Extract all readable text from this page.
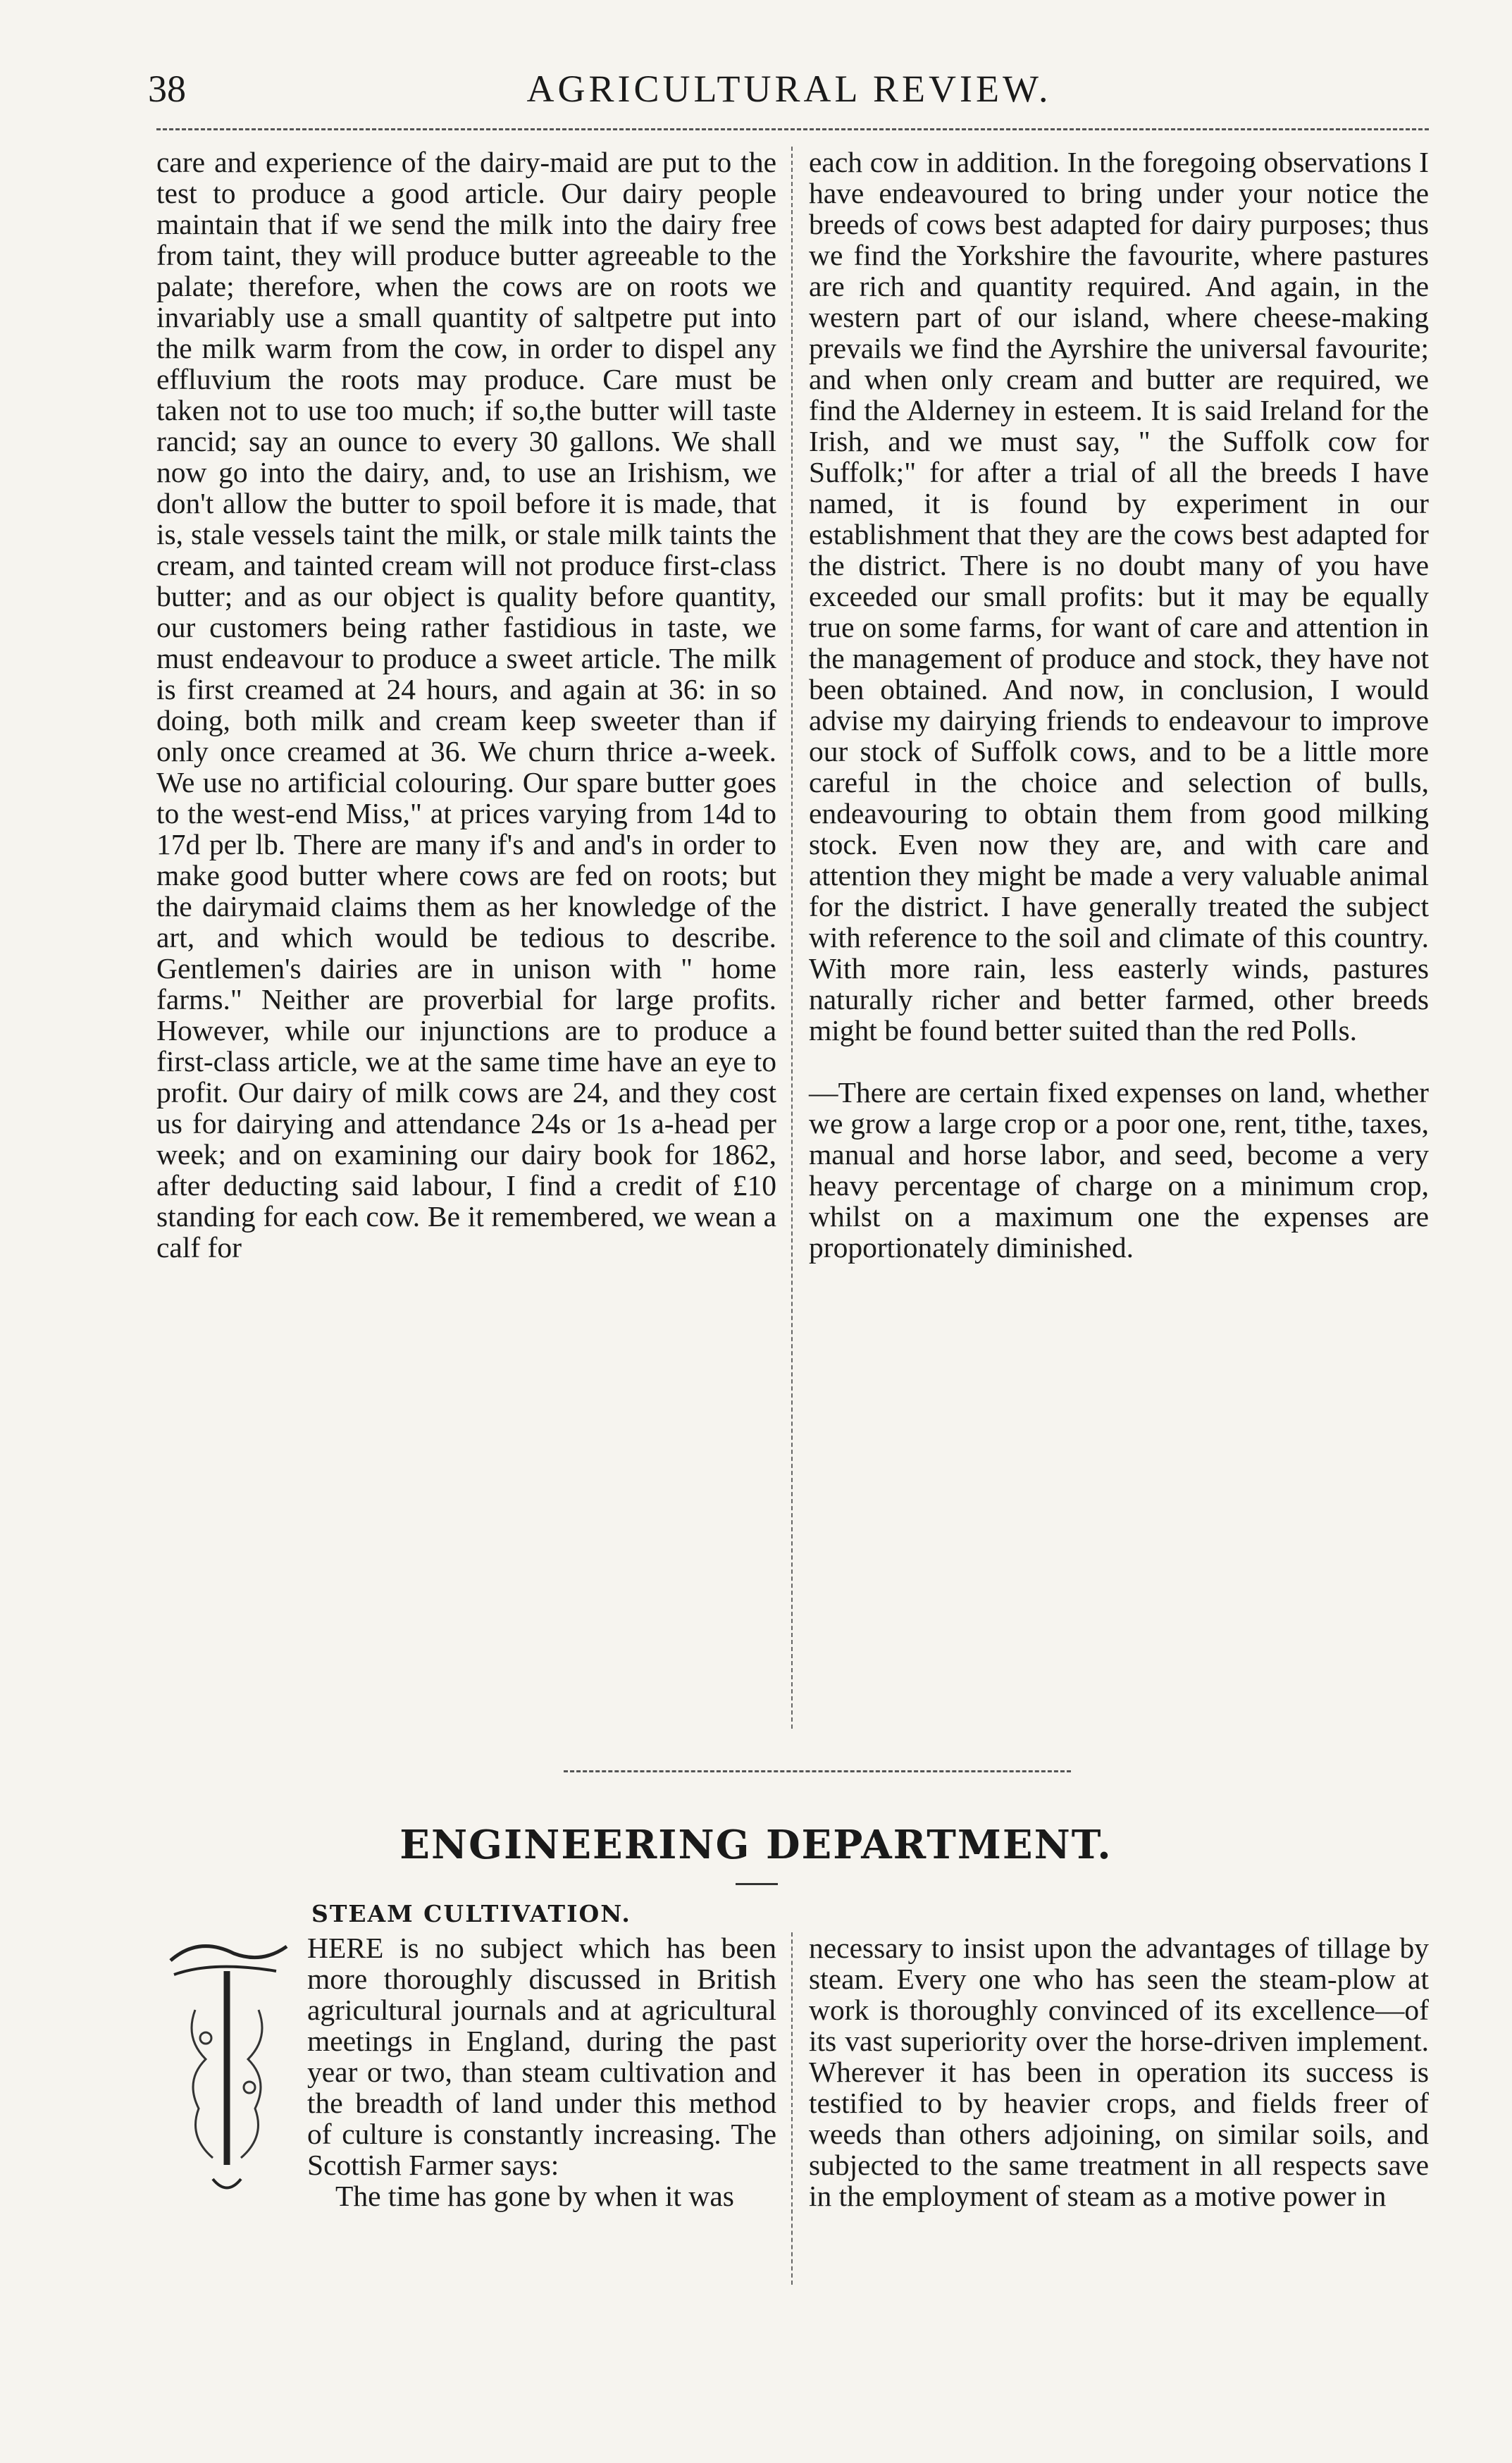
38	AGRICULTURAL REVIEW.

care and experience of the dairy-maid are put to the test to produce a good article. Our dairy people maintain that if we send the milk into the dairy free from taint, they will produce butter agreeable to the palate; therefore, when the cows are on roots we invariably use a small quantity of saltpetre put into the milk warm from the cow, in order to dispel any effluvium the roots may produce. Care must be taken not to use too much; if so,the butter will taste rancid; say an ounce to every 30 gallons. We shall now go into the dairy, and, to use an Irishism, we don't allow the butter to spoil before it is made, that is, stale vessels taint the milk, or stale milk taints the cream, and tainted cream will not produce first-class butter; and as our object is quality before quantity, our customers being rather fastidious in taste, we must endeavour to produce a sweet article. The milk is first creamed at 24 hours, and again at 36: in so doing, both milk and cream keep sweeter than if only once creamed at 36. We churn thrice a-week. We use no artificial colouring. Our spare butter goes to the west-end Miss," at prices varying from 14d to 17d per lb. There are many if's and and's in order to make good butter where cows are fed on roots; but the dairymaid claims them as her knowledge of the art, and which would be tedious to describe. Gentlemen's dairies are in unison with " home farms." Neither are proverbial for large profits. However, while our injunctions are to produce a first-class article, we at the same time have an eye to profit. Our dairy of milk cows are 24, and they cost us for dairying and attendance 24s or 1s a-head per week; and on examining our dairy book for 1862, after deducting said labour, I find a credit of £10 standing for each cow. Be it remembered, we wean a calf for

each cow in addition. In the foregoing observations I have endeavoured to bring under your notice the breeds of cows best adapted for dairy purposes; thus we find the Yorkshire the favourite, where pastures are rich and quantity required. And again, in the western part of our island, where cheese-making prevails we find the Ayrshire the universal favourite; and when only cream and butter are required, we find the Alderney in esteem. It is said Ireland for the Irish, and we must say, " the Suffolk cow for Suffolk;" for after a trial of all the breeds I have named, it is found by experiment in our establishment that they are the cows best adapted for the district. There is no doubt many of you have exceeded our small profits: but it may be equally true on some farms, for want of care and attention in the management of produce and stock, they have not been obtained. And now, in conclusion, I would advise my dairying friends to endeavour to improve our stock of Suffolk cows, and to be a little more careful in the choice and selection of bulls, endeavouring to obtain them from good milking stock. Even now they are, and with care and attention they might be made a very valuable animal for the district. I have generally treated the subject with reference to the soil and climate of this country. With more rain, less easterly winds, pastures naturally richer and better farmed, other breeds might be found better suited than the red Polls.

—There are certain fixed expenses on land, whether we grow a large crop or a poor one, rent, tithe, taxes, manual and horse labor, and seed, become a very heavy percentage of charge on a minimum crop, whilst on a maximum one the expenses are proportionately diminished.

ENGINEERING DEPARTMENT.
STEAM CULTIVATION.

HERE is no subject which has been more thoroughly discussed in British agricultural journals and at agricultural meetings in England, during the past year or two, than steam cultivation and the breadth of land under this method of culture is constantly increasing. The Scottish Farmer says:

The time has gone by when it was

necessary to insist upon the advantages of tillage by steam. Every one who has seen the steam-plow at work is thoroughly convinced of its excellence—of its vast superiority over the horse-driven implement. Wherever it has been in operation its success is testified to by heavier crops, and fields freer of weeds than others adjoining, on similar soils, and subjected to the same treatment in all respects save in the employment of steam as a motive power in
